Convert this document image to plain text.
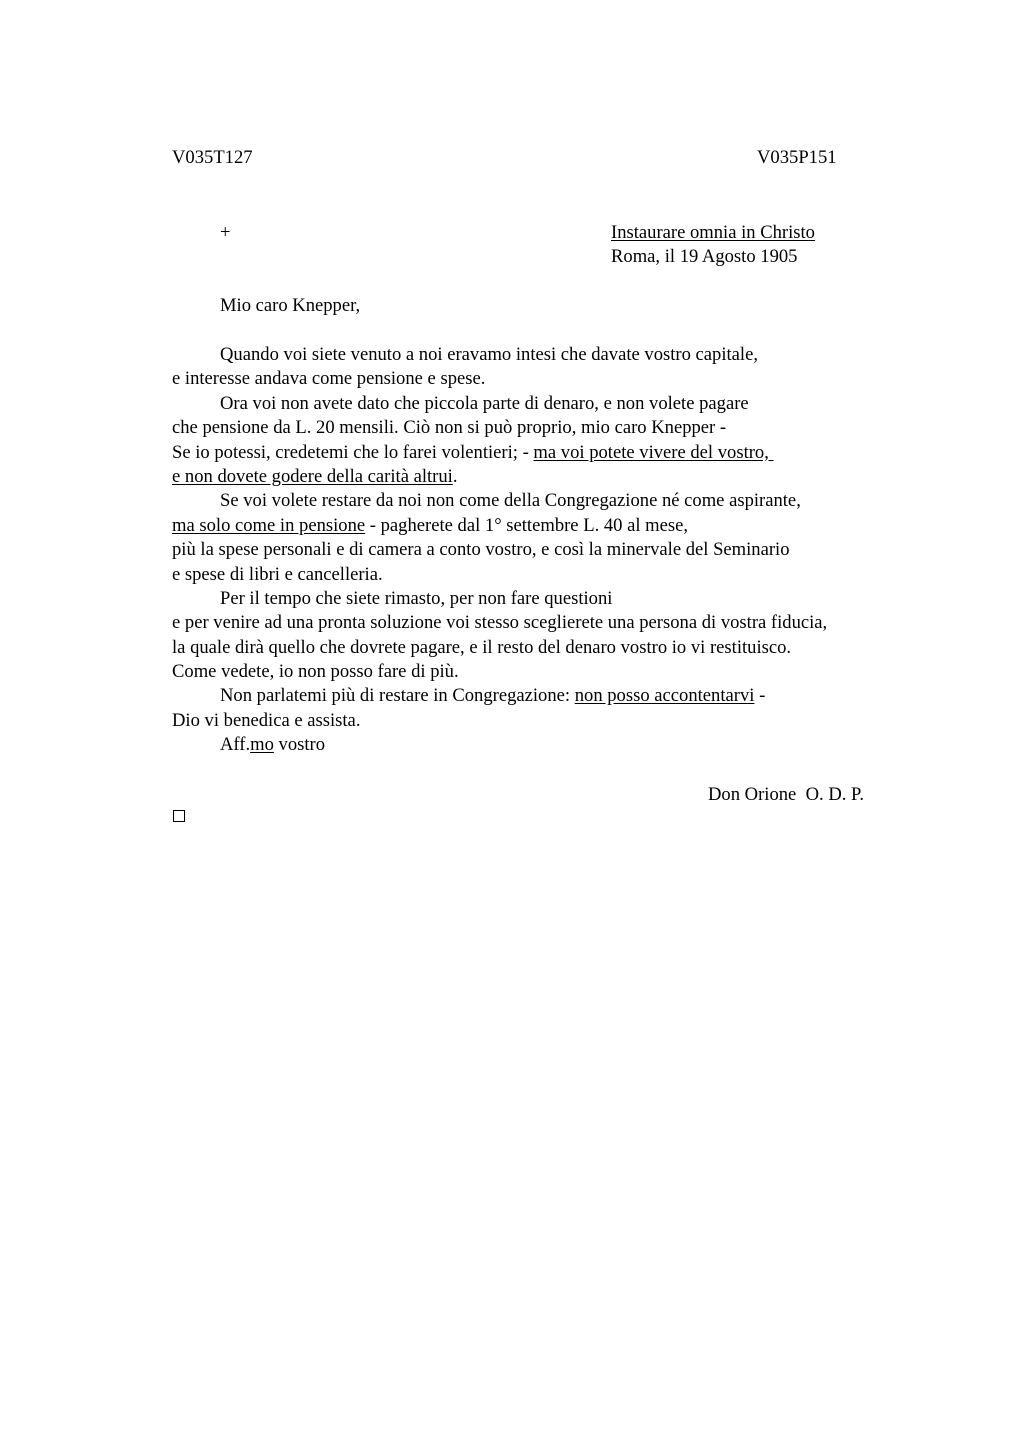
V035T127	V035P151
+	Instaurare omnia in Christo
Roma, il 19 Agosto 1905
Mio caro Knepper,
Quando voi siete venuto a noi eravamo intesi che davate vostro capitale,
e interesse andava come pensione e spese.
Ora voi non avete dato che piccola parte di denaro, e non volete pagare
che pensione da L. 20 mensili. Ciò non si può proprio, mio caro Knepper -
Se io potessi, credetemi che lo farei volentieri; - ma voi potete vivere del vostro,
e non dovete godere della carità altrui.
Se voi volete restare da noi non come della Congregazione né come aspirante,
ma solo come in pensione - pagherete dal 1° settembre L. 40 al mese,
più la spese personali e di camera a conto vostro, e così la minervale del Seminario
e spese di libri e cancelleria.
Per il tempo che siete rimasto, per non fare questioni
e per venire ad una pronta soluzione voi stesso sceglierete una persona di vostra fiducia,
la quale dirà quello che dovrete pagare, e il resto del denaro vostro io vi restituisco.
Come vedete, io non posso fare di più.
Non parlatemi più di restare in Congregazione: non posso accontentarvi -
Dio vi benedica e assista.
Aff.mo vostro
Don Orione  O. D. P.
